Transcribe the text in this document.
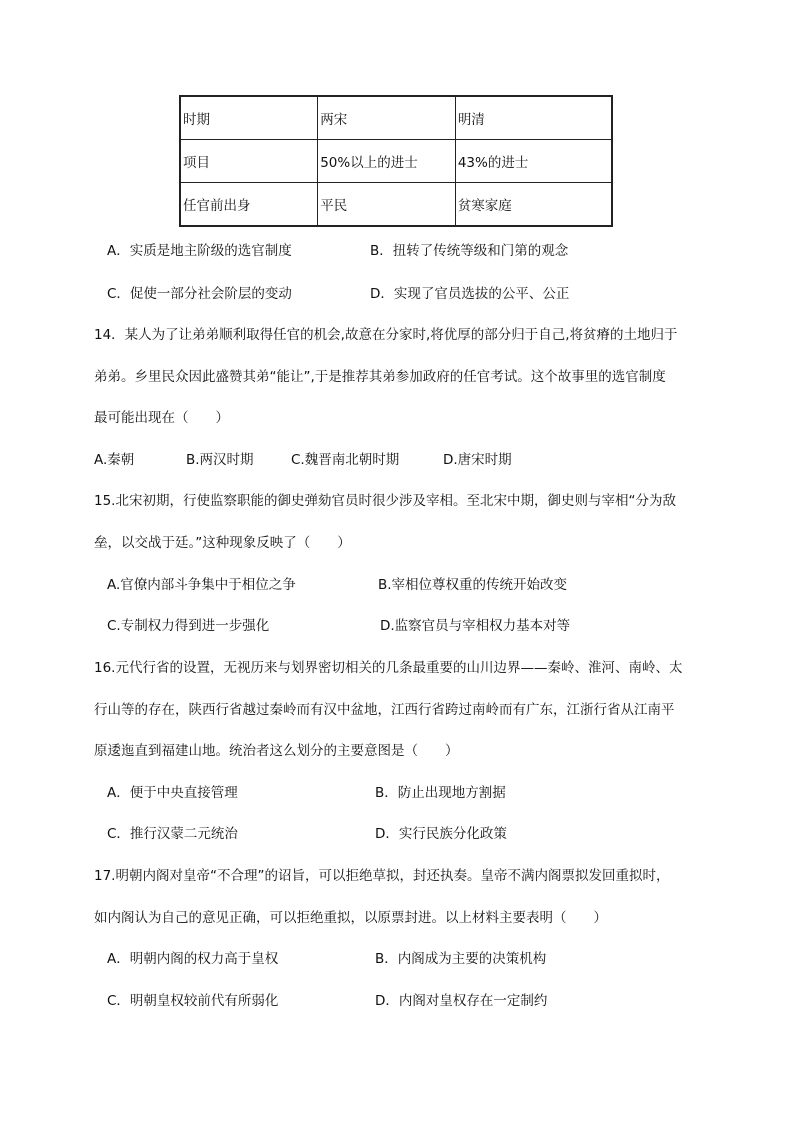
时期	两宋	明清
项目	50%以上的进士	43%的进士
任官前出身	平民	贫寒家庭
A．实质是地主阶级的选官制度	B．扭转了传统等级和门第的观念
C．促使一部分社会阶层的变动	D．实现了官员选拔的公平、公正
14．某人为了让弟弟顺利取得任官的机会,故意在分家时,将优厚的部分归于自己,将贫瘠的土地归于
弟弟。乡里民众因此盛赞其弟“能让”,于是推荐其弟参加政府的任官考试。这个故事里的选官制度
最可能出现在（　　）
A.秦朝	B.两汉时期	C.魏晋南北朝时期	D.唐宋时期
15.北宋初期，行使监察职能的御史弹劾官员时很少涉及宰相。至北宋中期，御史则与宰相“分为敌
垒，以交战于廷。”这种现象反映了（　　）
A.官僚内部斗争集中于相位之争	B.宰相位尊权重的传统开始改变
C.专制权力得到进一步强化	D.监察官员与宰相权力基本对等
16.元代行省的设置，无视历来与划界密切相关的几条最重要的山川边界——秦岭、淮河、南岭、太
行山等的存在，陕西行省越过秦岭而有汉中盆地，江西行省跨过南岭而有广东，江浙行省从江南平
原逶迤直到福建山地。统治者这么划分的主要意图是（　　）
A．便于中央直接管理	B．防止出现地方割据
C．推行汉蒙二元统治	D．实行民族分化政策
17.明朝内阁对皇帝“不合理”的诏旨，可以拒绝草拟，封还执奏。皇帝不满内阁票拟发回重拟时，
如内阁认为自己的意见正确，可以拒绝重拟，以原票封进。以上材料主要表明（　　）
A．明朝内阁的权力高于皇权	B．内阁成为主要的决策机构
C．明朝皇权较前代有所弱化	D．内阁对皇权存在一定制约
